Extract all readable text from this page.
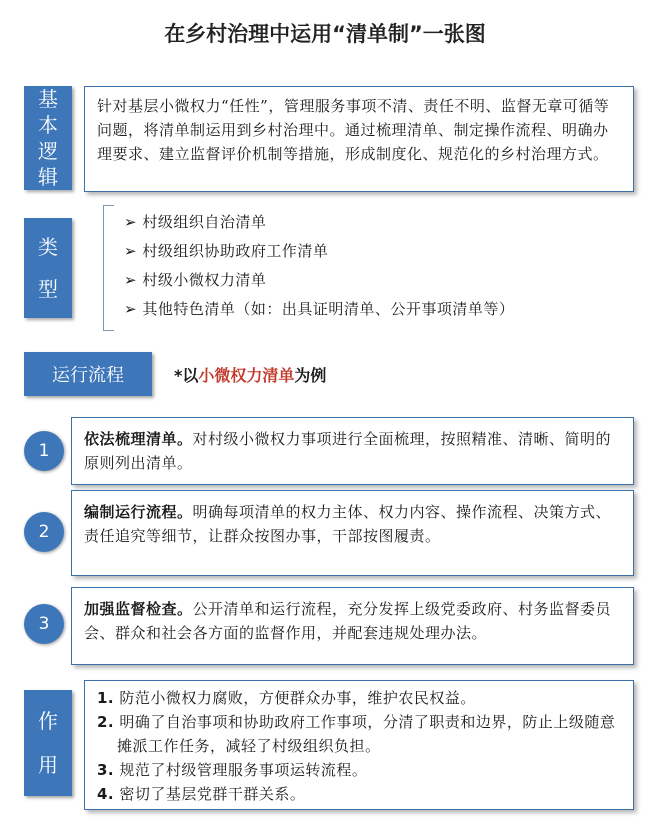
在乡村治理中运用“清单制”一张图
基
本
逻
辑

针对基层小微权力“任性”，管理服务事项不清、责任不明、监督无章可循等问题，将清单制运用到乡村治理中。通过梳理清单、制定操作流程、明确办理要求、建立监督评价机制等措施，形成制度化、规范化的乡村治理方式。

类
型
➢ 村级组织自治清单
➢ 村级组织协助政府工作清单
➢ 村级小微权力清单
➢ 其他特色清单（如：出具证明清单、公开事项清单等）
运行流程	*以小微权力清单为例
1

依法梳理清单。对村级小微权力事项进行全面梳理，按照精准、清晰、简明的原则列出清单。

2

编制运行流程。明确每项清单的权力主体、权力内容、操作流程、决策方式、责任追究等细节，让群众按图办事，干部按图履责。

3

加强监督检查。公开清单和运行流程，充分发挥上级党委政府、村务监督委员会、群众和社会各方面的监督作用，并配套违规处理办法。

作
用
1. 防范小微权力腐败，方便群众办事，维护农民权益。
2. 明确了自治事项和协助政府工作事项，分清了职责和边界，防止上级随意摊派工作任务，减轻了村级组织负担。
3. 规范了村级管理服务事项运转流程。
4. 密切了基层党群干群关系。
